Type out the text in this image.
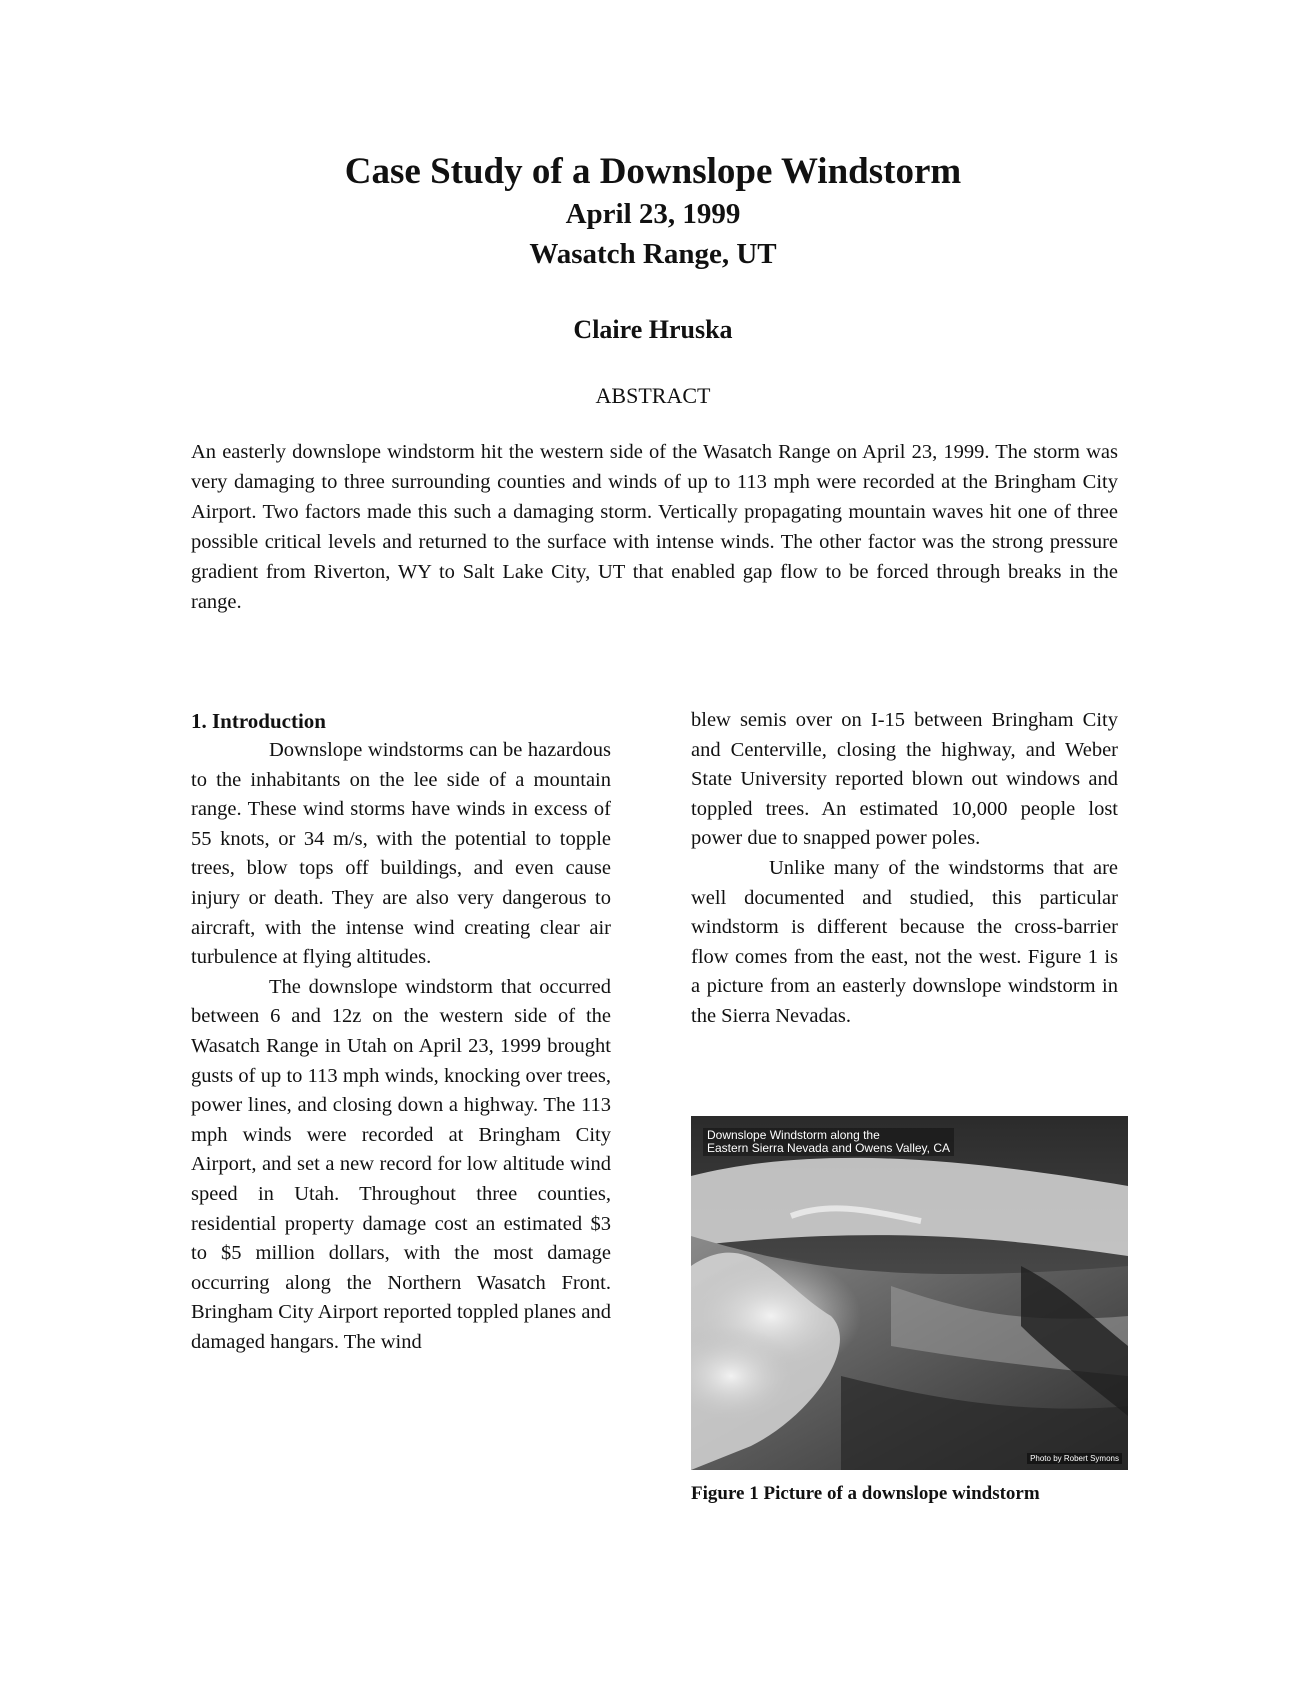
Case Study of a Downslope Windstorm
April 23, 1999
Wasatch Range, UT
Claire Hruska
ABSTRACT

An easterly downslope windstorm hit the western side of the Wasatch Range on April 23, 1999. The storm was very damaging to three surrounding counties and winds of up to 113 mph were recorded at the Bringham City Airport. Two factors made this such a damaging storm. Vertically propagating mountain waves hit one of three possible critical levels and returned to the surface with intense winds. The other factor was the strong pressure gradient from Riverton, WY to Salt Lake City, UT that enabled gap flow to be forced through breaks in the range.

1. Introduction

Downslope windstorms can be hazardous to the inhabitants on the lee side of a mountain range. These wind storms have winds in excess of 55 knots, or 34 m/s, with the potential to topple trees, blow tops off buildings, and even cause injury or death. They are also very dangerous to aircraft, with the intense wind creating clear air turbulence at flying altitudes.

The downslope windstorm that occurred between 6 and 12z on the western side of the Wasatch Range in Utah on April 23, 1999 brought gusts of up to 113 mph winds, knocking over trees, power lines, and closing down a highway. The 113 mph winds were recorded at Bringham City Airport, and set a new record for low altitude wind speed in Utah. Throughout three counties, residential property damage cost an estimated $3 to $5 million dollars, with the most damage occurring along the Northern Wasatch Front. Bringham City Airport reported toppled planes and damaged hangars. The wind

blew semis over on I-15 between Bringham City and Centerville, closing the highway, and Weber State University reported blown out windows and toppled trees. An estimated 10,000 people lost power due to snapped power poles.

Unlike many of the windstorms that are well documented and studied, this particular windstorm is different because the cross-barrier flow comes from the east, not the west. Figure 1 is a picture from an easterly downslope windstorm in the Sierra Nevadas.

Downslope Windstorm along the
Eastern Sierra Nevada and Owens Valley, CA
Photo by Robert Symons
Figure 1 Picture of a downslope windstorm
